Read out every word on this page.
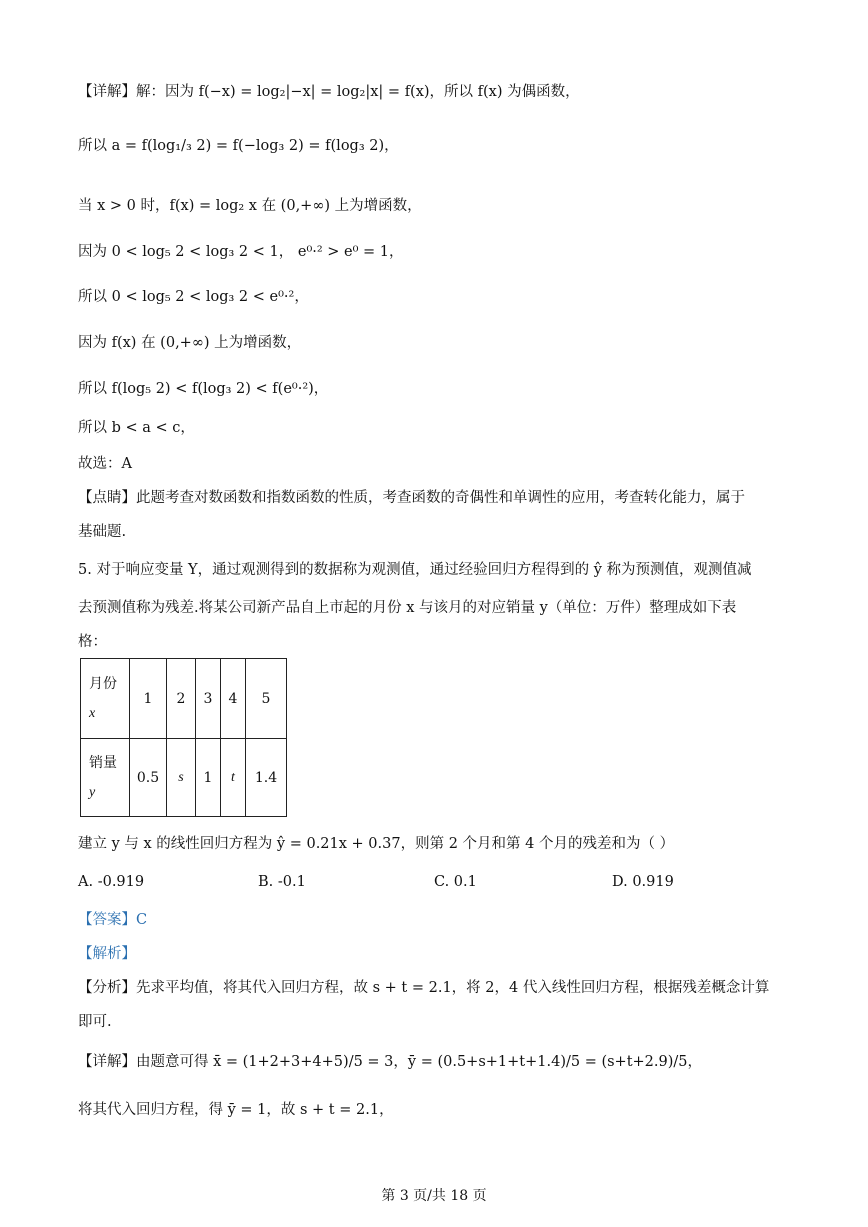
【详解】解：因为 f(−x) = log₂|−x| = log₂|x| = f(x)，所以 f(x) 为偶函数，
所以 a = f(log₁/₃ 2) = f(−log₃ 2) = f(log₃ 2)，
当 x > 0 时，f(x) = log₂ x 在 (0,+∞) 上为增函数，
因为 0 < log₅ 2 < log₃ 2 < 1， e⁰·² > e⁰ = 1，
所以 0 < log₅ 2 < log₃ 2 < e⁰·²，
因为 f(x) 在 (0,+∞) 上为增函数，
所以 f(log₅ 2) < f(log₃ 2) < f(e⁰·²)，
所以 b < a < c，
故选：A
【点睛】此题考查对数函数和指数函数的性质，考查函数的奇偶性和单调性的应用，考查转化能力，属于
基础题.
5. 对于响应变量 Y，通过观测得到的数据称为观测值，通过经验回归方程得到的 ŷ 称为预测值，观测值减
去预测值称为残差.将某公司新产品自上市起的月份 x 与该月的对应销量 y（单位：万件）整理成如下表
格：
月份
x	1	2	3	4	5

销量
y	0.5	s	1	t	1.4
建立 y 与 x 的线性回归方程为 ŷ = 0.21x + 0.37，则第 2 个月和第 4 个月的残差和为（ ）
A. -0.919	B. -0.1	C. 0.1	D. 0.919
【答案】C
【解析】
【分析】先求平均值，将其代入回归方程，故 s + t = 2.1，将 2，4 代入线性回归方程，根据残差概念计算
即可.
【详解】由题意可得 x̄ = (1+2+3+4+5)/5 = 3，ȳ = (0.5+s+1+t+1.4)/5 = (s+t+2.9)/5，
将其代入回归方程，得 ȳ = 1，故 s + t = 2.1，
第 3 页/共 18 页
